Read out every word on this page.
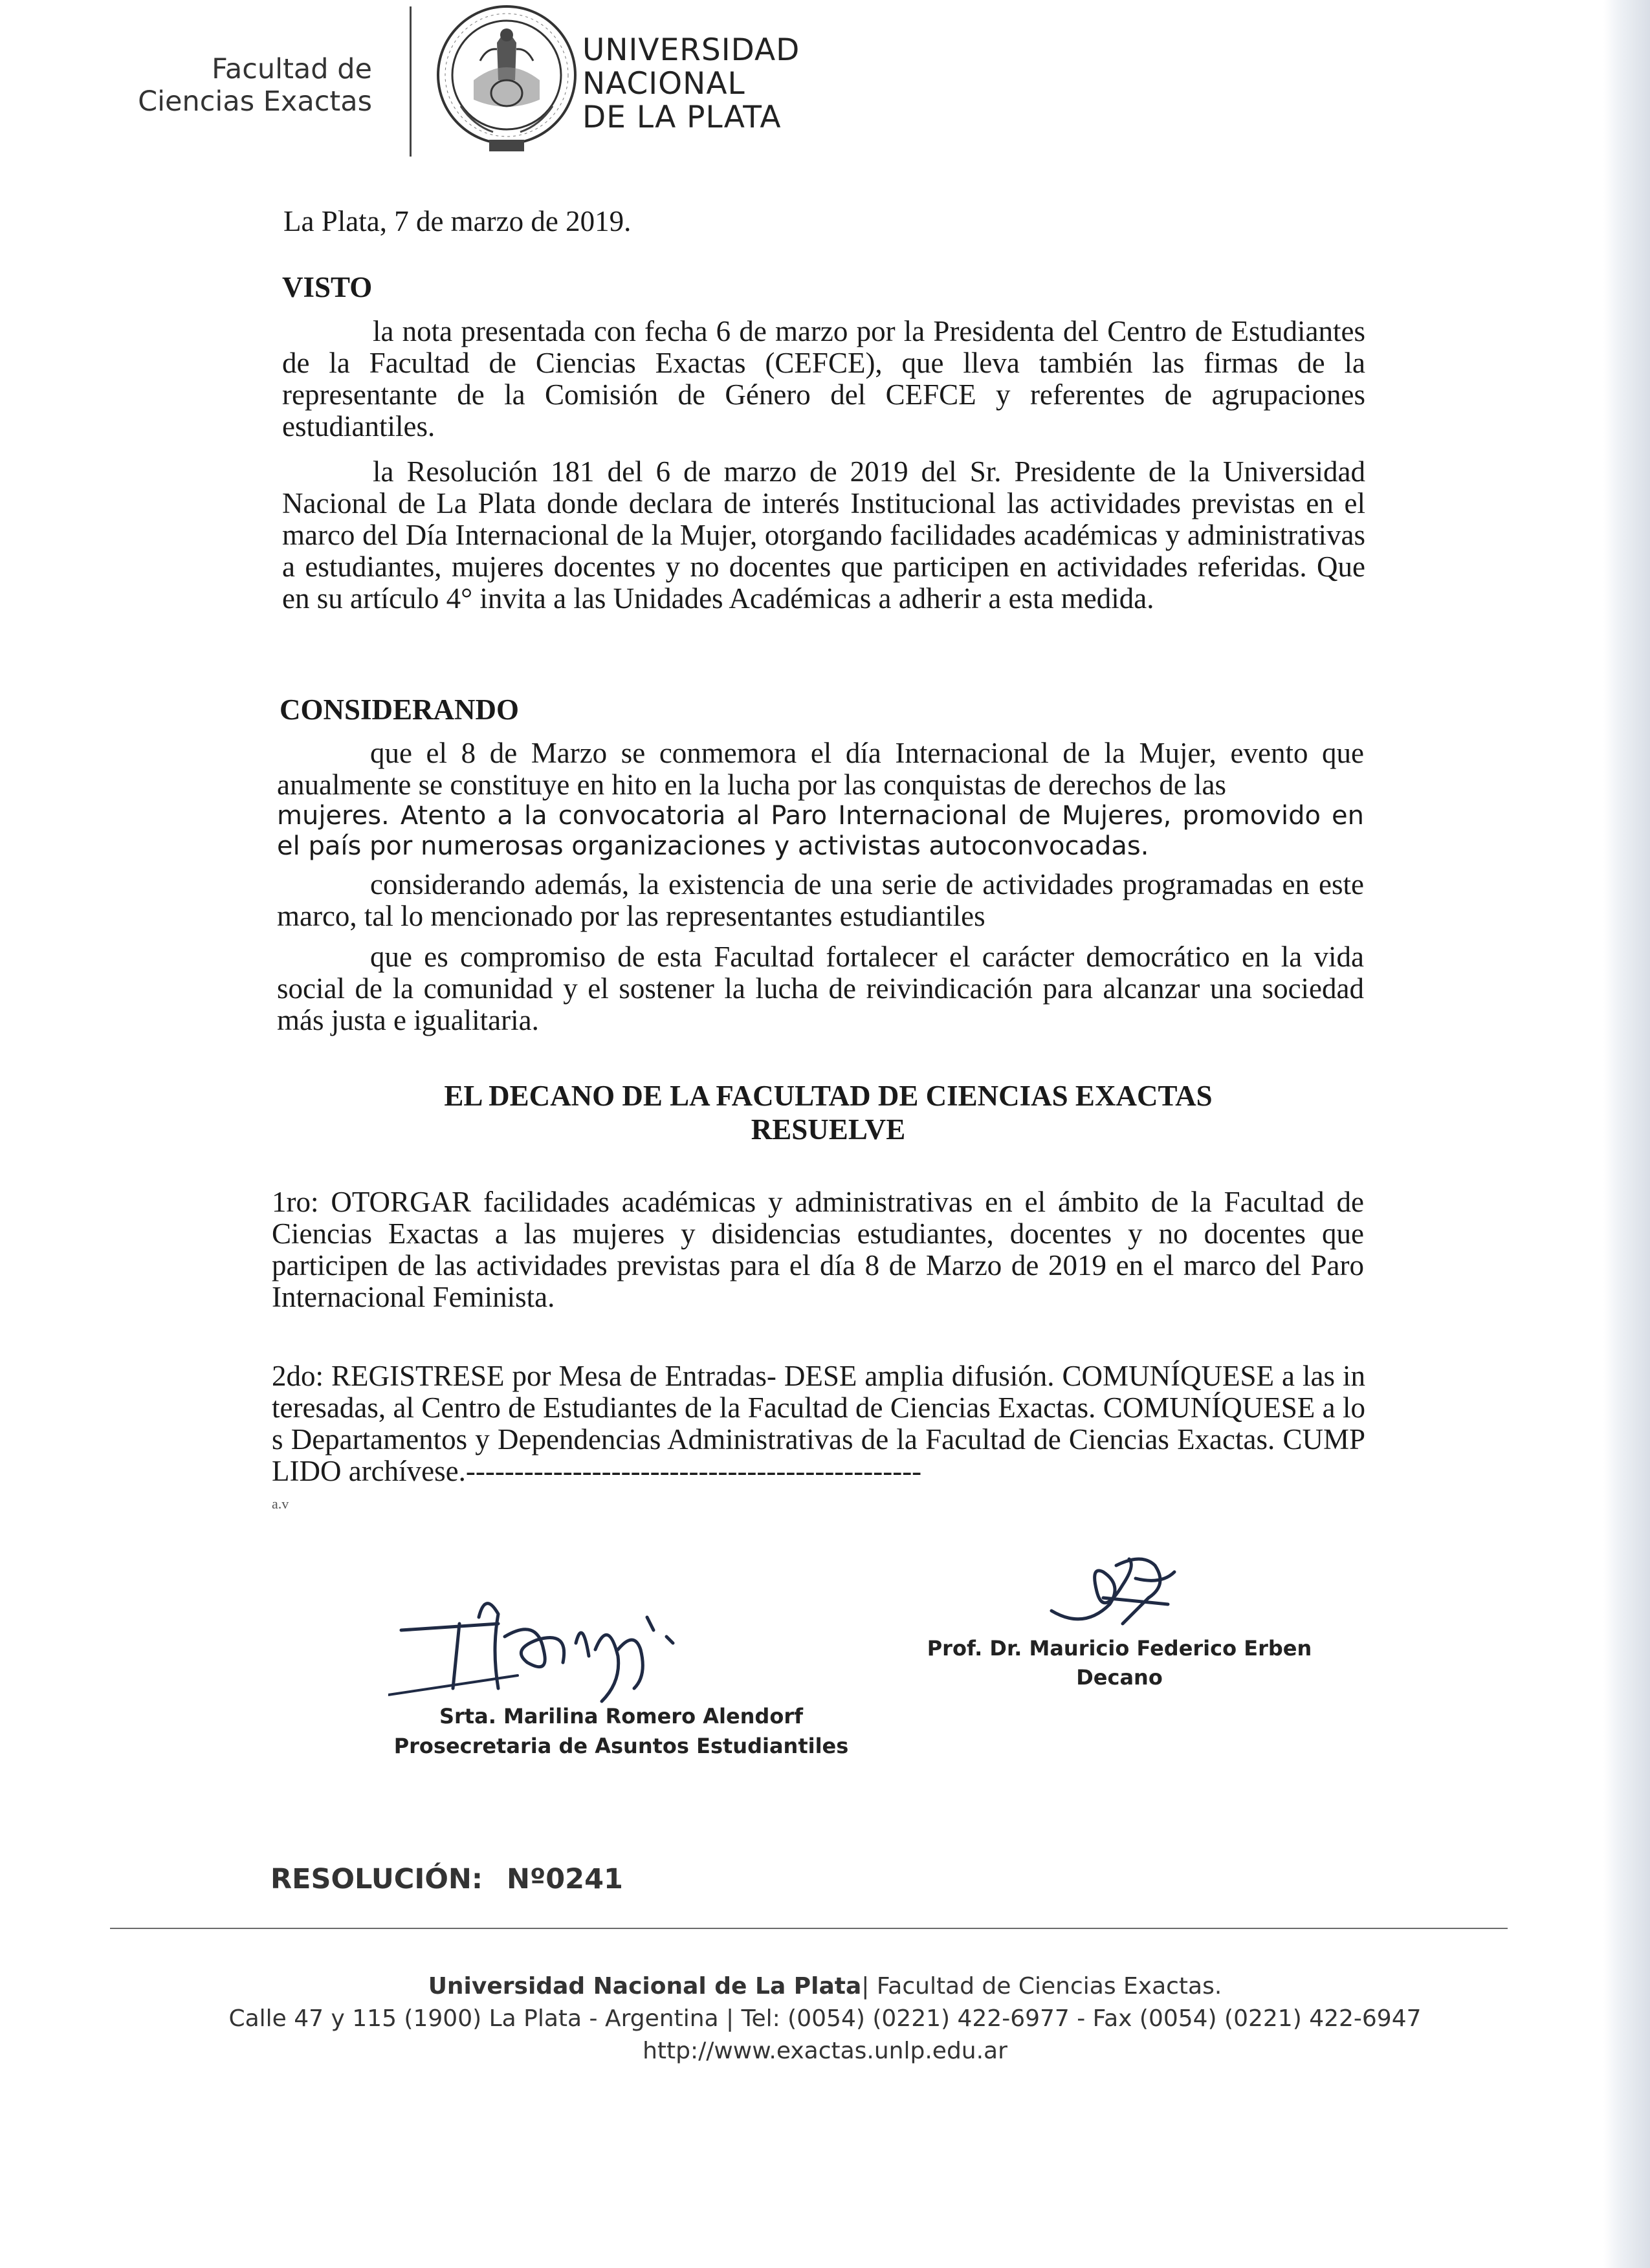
Facultad de
Ciencias Exactas
UNIVERSIDAD
NACIONAL
DE LA PLATA
La Plata, 7 de marzo de 2019.
VISTO
la nota presentada con fecha 6 de marzo por la Presidenta del Centro de Estudiantes de la Facultad de Ciencias Exactas (CEFCE), que lleva también las firmas de la representante de la Comisión de Género del CEFCE y referentes de agrupaciones estudiantiles.
la Resolución 181 del 6 de marzo de 2019 del Sr. Presidente de la Universidad Nacional de La Plata donde declara de interés Institucional las actividades previstas en el marco del Día Internacional de la Mujer, otorgando facilidades académicas y administrativas a estudiantes, mujeres docentes y no docentes que participen en actividades referidas. Que en su artículo 4° invita a las Unidades Académicas a adherir a esta medida.
CONSIDERANDO
que el 8 de Marzo se conmemora el día Internacional de la Mujer, evento que anualmente se constituye en hito en la lucha por las conquistas de derechos de las
mujeres. Atento a la convocatoria al Paro Internacional de Mujeres, promovido en el país por numerosas organizaciones y activistas autoconvocadas.
considerando además, la existencia de una serie de actividades programadas en este marco, tal lo mencionado por las representantes estudiantiles
que es compromiso de esta Facultad fortalecer el carácter democrático en la vida social de la comunidad y el sostener la lucha de reivindicación para alcanzar una sociedad más justa e igualitaria.
EL DECANO DE LA FACULTAD DE CIENCIAS EXACTAS
RESUELVE
1ro: OTORGAR facilidades académicas y administrativas en el ámbito de la Facultad de Ciencias Exactas a las mujeres y disidencias estudiantes, docentes y no docentes que participen de las actividades previstas para el día 8 de Marzo de 2019 en el marco del Paro Internacional Feminista.
2do: REGISTRESE por Mesa de Entradas- DESE amplia difusión. COMUNÍQUESE a las interesadas, al Centro de Estudiantes de la Facultad de Ciencias Exactas. COMUNÍQUESE a los Departamentos y Dependencias Administrativas de la Facultad de Ciencias Exactas. CUMPLIDO archívese.-----------------------------------------------
a.v
Srta. Marilina Romero Alendorf
Prosecretaria de Asuntos Estudiantiles
Prof. Dr. Mauricio Federico Erben
Decano
RESOLUCIÓN: Nº0241
Universidad Nacional de La Plata| Facultad de Ciencias Exactas.
Calle 47 y 115 (1900) La Plata - Argentina | Tel: (0054) (0221) 422-6977 - Fax (0054) (0221) 422-6947
http://www.exactas.unlp.edu.ar
